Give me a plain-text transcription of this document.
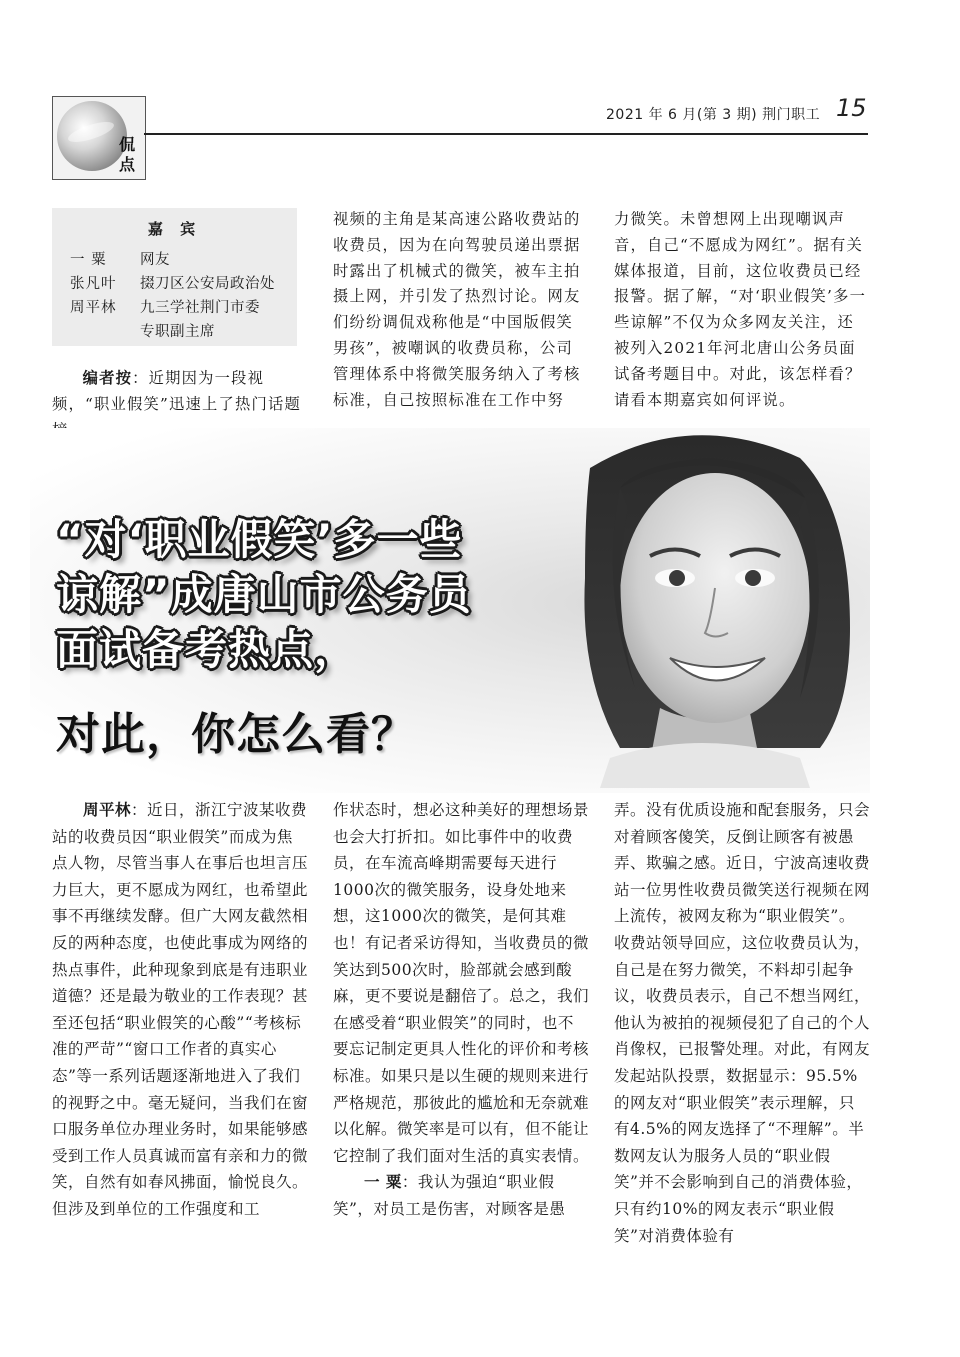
侃点
2021 年 6 月(第 3 期) 荆门职工 15
嘉 宾
一 粟	网友
张凡叶	掇刀区公安局政治处
周平林	九三学社荆门市委
专职副主席

编者按：近期因为一段视频，“职业假笑”迅速上了热门话题

视频的主角是某高速公路收费站的收费员，因为在向驾驶员递出票据时露出了机械式的微笑，被车主拍摄上网，并引发了热烈讨论。网友们纷纷调侃戏称他是“中国版假笑男孩”，被嘲讽的收费员称，公司管理体系中将微笑服务纳入了考核标准，自己按照标准在工作中努

力微笑。未曾想网上出现嘲讽声音，自己“不愿成为网红”。据有关媒体报道，目前，这位收费员已经报警。据了解，“对‘职业假笑’多一些谅解”不仅为众多网友关注，还被列入2021年河北唐山公务员面试备考题目中。对此，该怎样看？请看本期嘉宾如何评说。

“对‘职业假笑’多一些
谅解”成唐山市公务员
面试备考热点，
对此，你怎么看？

周平林：近日，浙江宁波某收费站的收费员因“职业假笑”而成为焦点人物，尽管当事人在事后也坦言压力巨大，更不愿成为网红，也希望此事不再继续发酵。但广大网友截然相反的两种态度，也使此事成为网络的热点事件，此种现象到底是有违职业道德？还是最为敬业的工作表现？甚至还包括“职业假笑的心酸”“考核标准的严苛”“窗口工作者的真实心态”等一系列话题逐渐地进入了我们的视野之中。毫无疑问，当我们在窗口服务单位办理业务时，如果能够感受到工作人员真诚而富有亲和力的微笑，自然有如春风拂面，愉悦良久。但涉及到单位的工作强度和工

作状态时，想必这种美好的理想场景也会大打折扣。如比事件中的收费员，在车流高峰期需要每天进行1000次的微笑服务，设身处地来想，这1000次的微笑，是何其难也！有记者采访得知，当收费员的微笑达到500次时，脸部就会感到酸麻，更不要说是翻倍了。总之，我们在感受着“职业假笑”的同时，也不要忘记制定更具人性化的评价和考核标准。如果只是以生硬的规则来进行严格规范，那彼此的尴尬和无奈就难以化解。微笑率是可以有，但不能让它控制了我们面对生活的真实表情。

一 粟：我认为强迫“职业假笑”，对员工是伤害，对顾客是愚

弄。没有优质设施和配套服务，只会对着顾客傻笑，反倒让顾客有被愚弄、欺骗之感。近日，宁波高速收费站一位男性收费员微笑送行视频在网上流传，被网友称为“职业假笑”。收费站领导回应，这位收费员认为，自己是在努力微笑，不料却引起争议，收费员表示，自己不想当网红，他认为被拍的视频侵犯了自己的个人肖像权，已报警处理。对此，有网友发起站队投票，数据显示：95.5%的网友对“职业假笑”表示理解，只有4.5%的网友选择了“不理解”。半数网友认为服务人员的“职业假笑”并不会影响到自己的消费体验，只有约10%的网友表示“职业假笑”对消费体验有
